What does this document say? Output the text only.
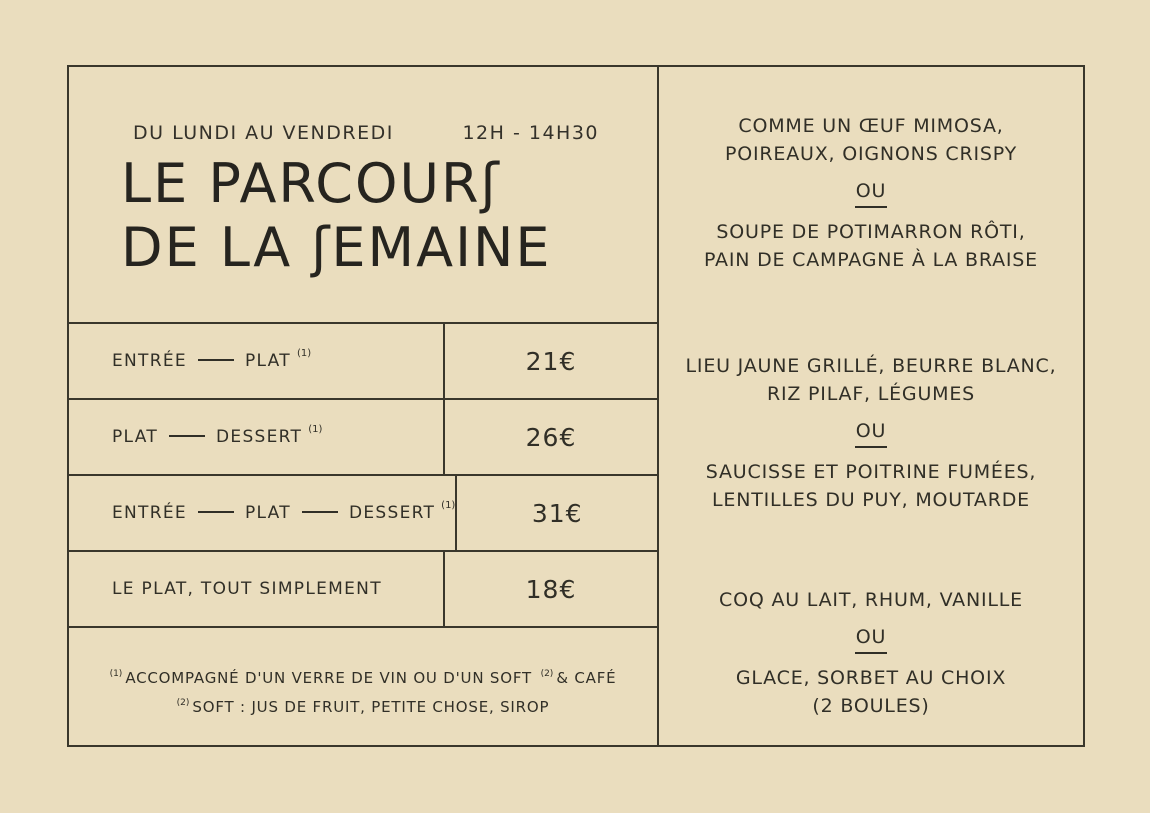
DU LUNDI AU VENDREDI	12H - 14H30
LE PARCOURʃ
DE LA ʃEMAINE
ENTRÉE	PLAT $^{(1)}$	21€
PLAT	DESSERT $^{(1)}$	26€
ENTRÉE	PLAT	DESSERT $^{(1)}$	31€
LE PLAT, TOUT SIMPLEMENT	18€
$^{(1)}$ ACCOMPAGNÉ D'UN VERRE DE VIN OU D'UN SOFT $^{(2)}$ & CAFÉ
$^{(2)}$ SOFT : JUS DE FRUIT, PETITE CHOSE, SIROP
COMME UN ŒUF MIMOSA,
POIREAUX, OIGNONS CRISPY
OU
SOUPE DE POTIMARRON RÔTI,
PAIN DE CAMPAGNE À LA BRAISE
LIEU JAUNE GRILLÉ, BEURRE BLANC,
RIZ PILAF, LÉGUMES
OU
SAUCISSE ET POITRINE FUMÉES,
LENTILLES DU PUY, MOUTARDE
COQ AU LAIT, RHUM, VANILLE
OU
GLACE, SORBET AU CHOIX
(2 BOULES)
